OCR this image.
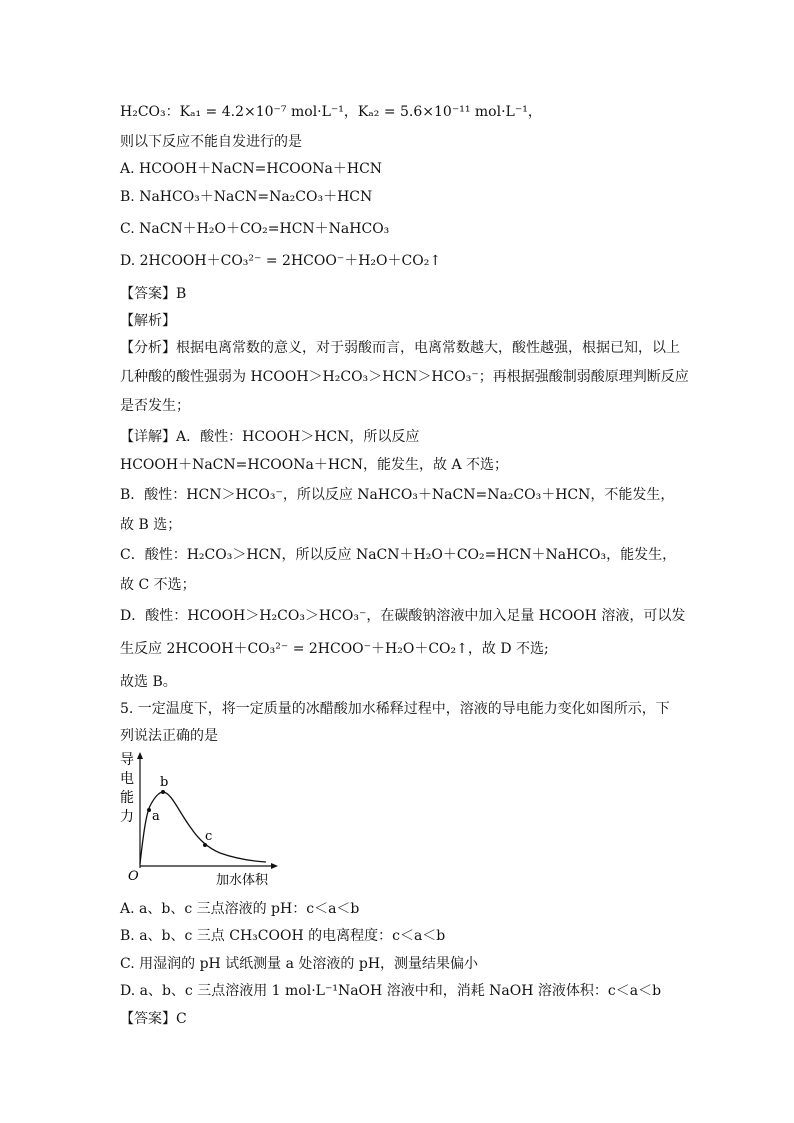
H₂CO₃：Kₐ₁ = 4.2×10⁻⁷ mol·L⁻¹，Kₐ₂ = 5.6×10⁻¹¹ mol·L⁻¹，
则以下反应不能自发进行的是
A. HCOOH＋NaCN=HCOONa＋HCN
B. NaHCO₃＋NaCN=Na₂CO₃＋HCN
C. NaCN＋H₂O＋CO₂=HCN＋NaHCO₃
D. 2HCOOH＋CO₃²⁻ = 2HCOO⁻＋H₂O＋CO₂↑
【答案】B
【解析】
【分析】根据电离常数的意义，对于弱酸而言，电离常数越大，酸性越强，根据已知，以上
几种酸的酸性强弱为 HCOOH＞H₂CO₃＞HCN＞HCO₃⁻；再根据强酸制弱酸原理判断反应
是否发生；
【详解】A．酸性：HCOOH＞HCN，所以反应
HCOOH＋NaCN=HCOONa＋HCN，能发生，故 A 不选；
B．酸性：HCN＞HCO₃⁻，所以反应 NaHCO₃＋NaCN=Na₂CO₃＋HCN，不能发生，
故 B 选；
C．酸性：H₂CO₃＞HCN，所以反应 NaCN＋H₂O＋CO₂=HCN＋NaHCO₃，能发生，
故 C 不选；
D．酸性：HCOOH＞H₂CO₃＞HCO₃⁻，在碳酸钠溶液中加入足量 HCOOH 溶液，可以发
生反应 2HCOOH＋CO₃²⁻ = 2HCOO⁻＋H₂O＋CO₂↑，故 D 不选;
故选 B。
5. 一定温度下，将一定质量的冰醋酸加水稀释过程中，溶液的导电能力变化如图所示，下
列说法正确的是
导
电
能
力 a
b
c
O	加水体积
A. a、b、c 三点溶液的 pH：c＜a＜b
B. a、b、c 三点 CH₃COOH 的电离程度：c＜a＜b
C. 用湿润的 pH 试纸测量 a 处溶液的 pH，测量结果偏小
D. a、b、c 三点溶液用 1 mol·L⁻¹NaOH 溶液中和，消耗 NaOH 溶液体积：c＜a＜b
【答案】C
